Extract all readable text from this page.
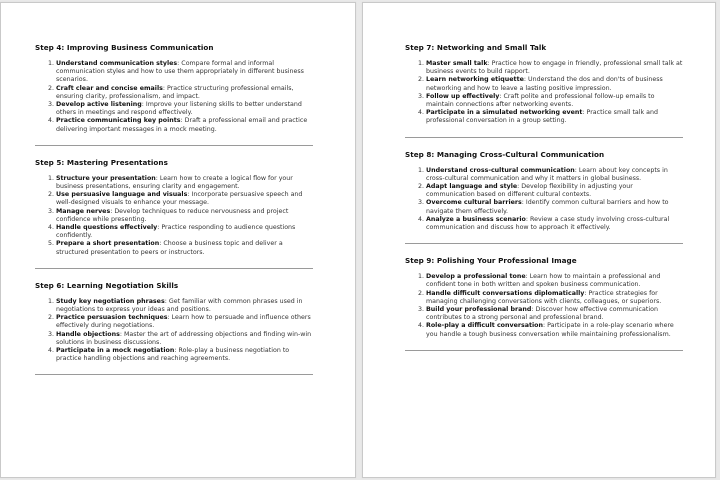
Step 4: Improving Business Communication
1. Understand communication styles: Compare formal and informal communication styles and how to use them appropriately in different business scenarios.
2. Craft clear and concise emails: Practice structuring professional emails, ensuring clarity, professionalism, and impact.
3. Develop active listening: Improve your listening skills to better understand others in meetings and respond effectively.
4. Practice communicating key points: Draft a professional email and practice delivering important messages in a mock meeting.
Step 5: Mastering Presentations
1. Structure your presentation: Learn how to create a logical flow for your business presentations, ensuring clarity and engagement.
2. Use persuasive language and visuals: Incorporate persuasive speech and well-designed visuals to enhance your message.
3. Manage nerves: Develop techniques to reduce nervousness and project confidence while presenting.
4. Handle questions effectively: Practice responding to audience questions confidently.
5. Prepare a short presentation: Choose a business topic and deliver a structured presentation to peers or instructors.
Step 6: Learning Negotiation Skills
1. Study key negotiation phrases: Get familiar with common phrases used in negotiations to express your ideas and positions.
2. Practice persuasion techniques: Learn how to persuade and influence others effectively during negotiations.
3. Handle objections: Master the art of addressing objections and finding win-win solutions in business discussions.
4. Participate in a mock negotiation: Role-play a business negotiation to practice handling objections and reaching agreements.
Step 7: Networking and Small Talk
1. Master small talk: Practice how to engage in friendly, professional small talk at business events to build rapport.
2. Learn networking etiquette: Understand the dos and don'ts of business networking and how to leave a lasting positive impression.
3. Follow up effectively: Craft polite and professional follow-up emails to maintain connections after networking events.
4. Participate in a simulated networking event: Practice small talk and professional conversation in a group setting.
Step 8: Managing Cross-Cultural Communication
1. Understand cross-cultural communication: Learn about key concepts in cross-cultural communication and why it matters in global business.
2. Adapt language and style: Develop flexibility in adjusting your communication based on different cultural contexts.
3. Overcome cultural barriers: Identify common cultural barriers and how to navigate them effectively.
4. Analyze a business scenario: Review a case study involving cross-cultural communication and discuss how to approach it effectively.
Step 9: Polishing Your Professional Image
1. Develop a professional tone: Learn how to maintain a professional and confident tone in both written and spoken business communication.
2. Handle difficult conversations diplomatically: Practice strategies for managing challenging conversations with clients, colleagues, or superiors.
3. Build your professional brand: Discover how effective communication contributes to a strong personal and professional brand.
4. Role-play a difficult conversation: Participate in a role-play scenario where you handle a tough business conversation while maintaining professionalism.
